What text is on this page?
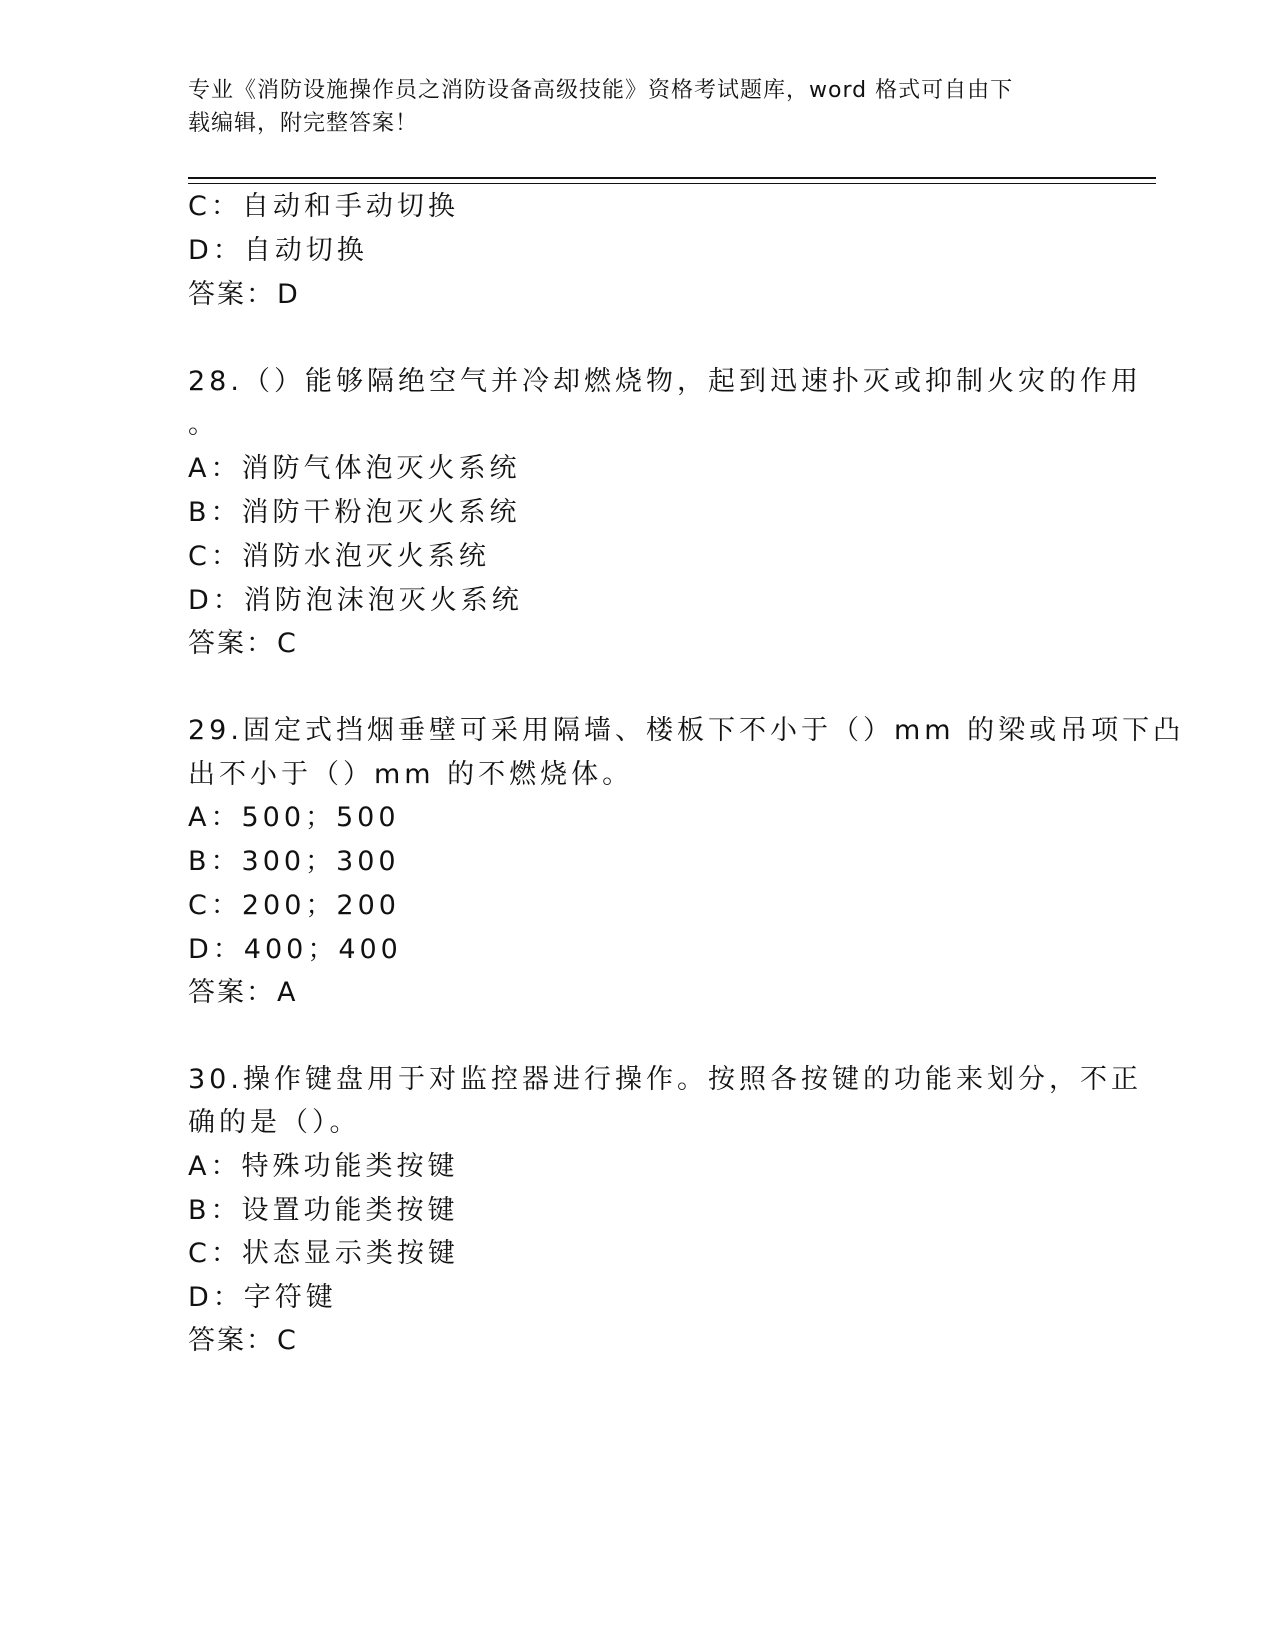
专业《消防设施操作员之消防设备高级技能》资格考试题库，word 格式可自由下
载编辑，附完整答案！
C：自动和手动切换
D：自动切换
答案：D
28.（）能够隔绝空气并冷却燃烧物，起到迅速扑灭或抑制火灾的作用
。
A：消防气体泡灭火系统
B：消防干粉泡灭火系统
C：消防水泡灭火系统
D：消防泡沫泡灭火系统
答案：C
29.固定式挡烟垂壁可采用隔墙、楼板下不小于（）mm 的梁或吊项下凸
出不小于（）mm 的不燃烧体。
A：500；500
B：300；300
C：200；200
D：400；400
答案：A
30.操作键盘用于对监控器进行操作。按照各按键的功能来划分，不正
确的是（）。
A：特殊功能类按键
B：设置功能类按键
C：状态显示类按键
D：字符键
答案：C
